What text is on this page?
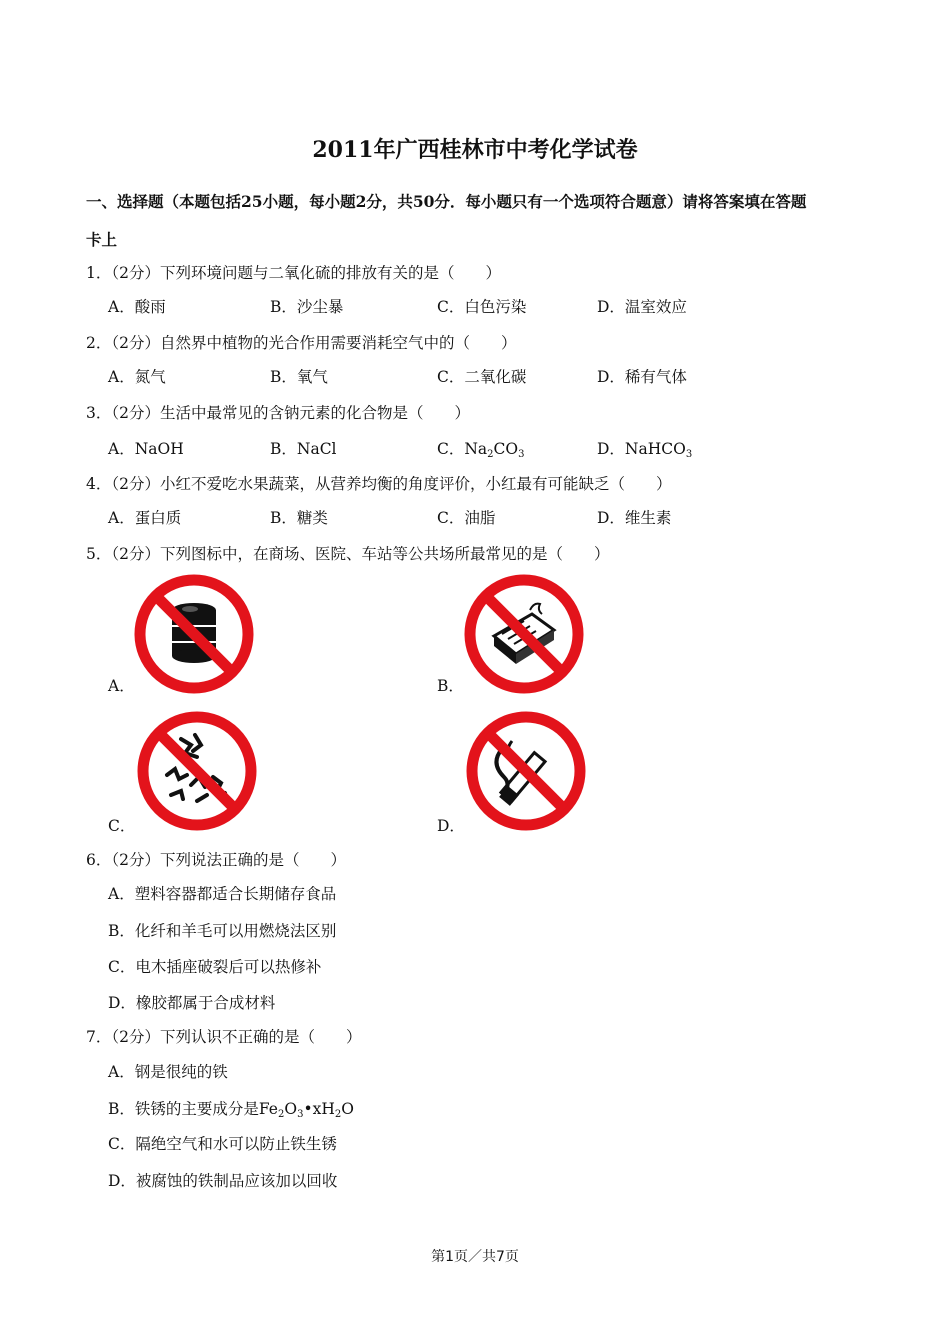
2011年广西桂林市中考化学试卷
一、选择题（本题包括25小题，每小题2分，共50分．每小题只有一个选项符合题意）请将答案填在答题
卡上
1．（2分）下列环境问题与二氧化硫的排放有关的是（　　）
A．酸雨	B．沙尘暴	C．白色污染	D．温室效应
2．（2分）自然界中植物的光合作用需要消耗空气中的（　　）
A．氮气	B．氧气	C．二氧化碳	D．稀有气体
3．（2分）生活中最常见的含钠元素的化合物是（　　）
A．NaOH	B．NaCl	C．$Na_2CO_3$	D．NaHCO$_3$
4．（2分）小红不爱吃水果蔬菜，从营养均衡的角度评价，小红最有可能缺乏（　　）
A．蛋白质	B．糖类	C．油脂	D．维生素
5．（2分）下列图标中，在商场、医院、车站等公共场所最常见的是（　　）
A．	B．
C．	D．
6．（2分）下列说法正确的是（　　）
A．塑料容器都适合长期储存食品
B．化纤和羊毛可以用燃烧法区别
C．电木插座破裂后可以热修补
D．橡胶都属于合成材料
7．（2分）下列认识不正确的是（　　）
A．钢是很纯的铁
B．铁锈的主要成分是$Fe_2O_3•xH_2O$
C．隔绝空气和水可以防止铁生锈
D．被腐蚀的铁制品应该加以回收
第1页／共7页
